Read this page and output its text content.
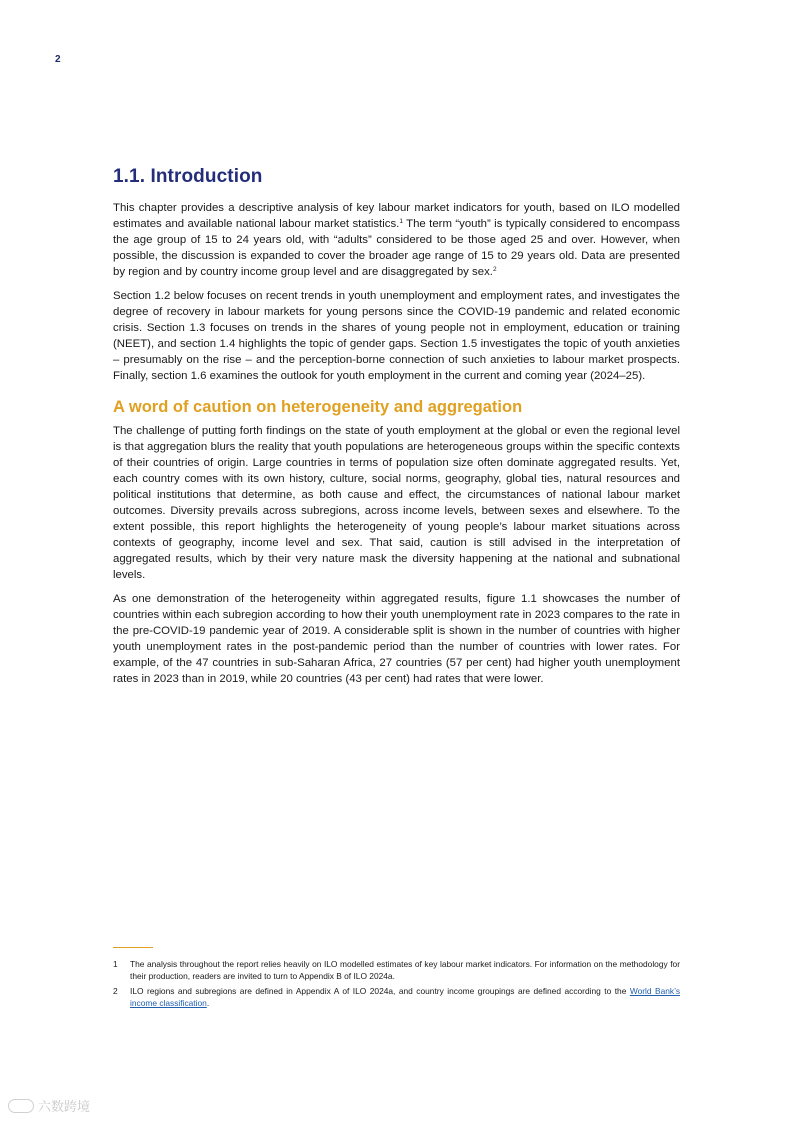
2
1.1. Introduction

This chapter provides a descriptive analysis of key labour market indicators for youth, based on ILO modelled estimates and available national labour market statistics.$^1$ The term “youth” is typically considered to encompass the age group of 15 to 24 years old, with “adults” considered to be those aged 25 and over. However, when possible, the discussion is expanded to cover the broader age range of 15 to 29 years old. Data are presented by region and by country income group level and are disaggregated by sex.$^2$

Section 1.2 below focuses on recent trends in youth unemployment and employment rates, and investigates the degree of recovery in labour markets for young persons since the COVID-19 pandemic and related economic crisis. Section 1.3 focuses on trends in the shares of young people not in employment, education or training (NEET), and section 1.4 highlights the topic of gender gaps. Section 1.5 investigates the topic of youth anxieties – presumably on the rise – and the perception-borne connection of such anxieties to labour market prospects. Finally, section 1.6 examines the outlook for youth employment in the current and coming year (2024–25).

A word of caution on heterogeneity and aggregation

The challenge of putting forth findings on the state of youth employment at the global or even the regional level is that aggregation blurs the reality that youth populations are heterogeneous groups within the specific contexts of their countries of origin. Large countries in terms of population size often dominate aggregated results. Yet, each country comes with its own history, culture, social norms, geography, global ties, natural resources and political institutions that determine, as both cause and effect, the circumstances of national labour market outcomes. Diversity prevails across subregions, across income levels, between sexes and elsewhere. To the extent possible, this report highlights the heterogeneity of young people’s labour market situations across contexts of geography, income level and sex. That said, caution is still advised in the interpretation of aggregated results, which by their very nature mask the diversity happening at the national and subnational levels.

As one demonstration of the heterogeneity within aggregated results, figure 1.1 showcases the number of countries within each subregion according to how their youth unemployment rate in 2023 compares to the rate in the pre-COVID-19 pandemic year of 2019. A considerable split is shown in the number of countries with higher youth unemployment rates in the post-pandemic period than the number of countries with lower rates. For example, of the 47 countries in sub-Saharan Africa, 27 countries (57 per cent) had higher youth unemployment rates in 2023 than in 2019, while 20 countries (43 per cent) had rates that were lower.

1	The analysis throughout the report relies heavily on ILO modelled estimates of key labour market indicators. For information on the methodology for their production, readers are invited to turn to Appendix B of ILO 2024a.
2	ILO regions and subregions are defined in Appendix A of ILO 2024a, and country income groupings are defined according to the World Bank’s income classification.
六数跨境
